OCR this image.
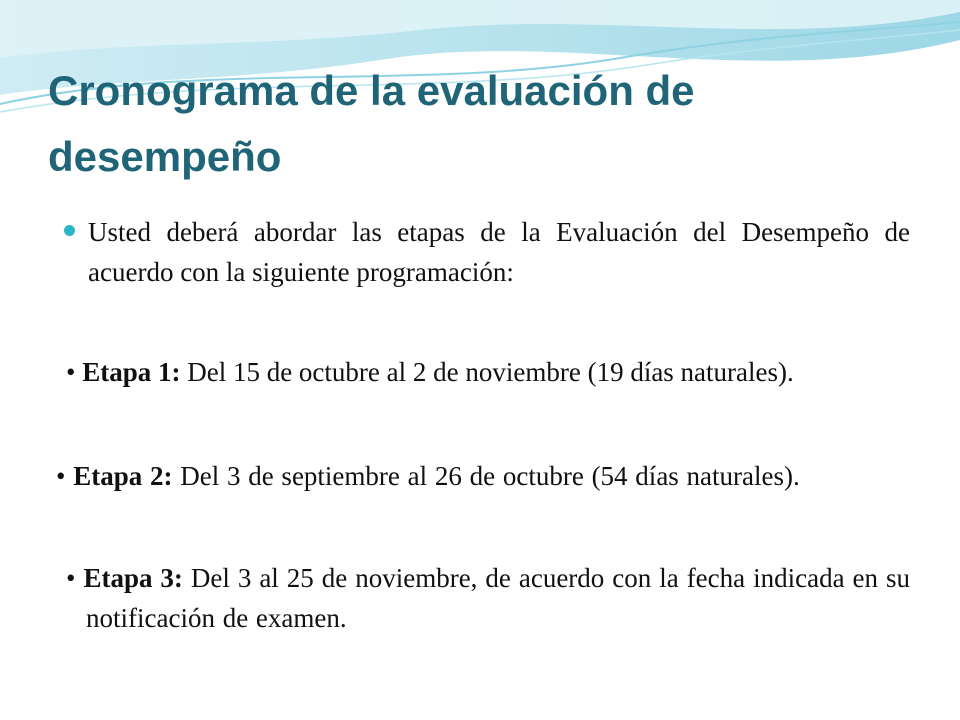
Cronograma de la evaluación de desempeño

Usted deberá abordar las etapas de la Evaluación del Desempeño de acuerdo con la siguiente programación:

• Etapa 1: Del 15 de octubre al 2 de noviembre (19 días naturales).

• Etapa 2: Del 3 de septiembre al 26 de octubre (54 días naturales).

• Etapa 3: Del 3 al 25 de noviembre, de acuerdo con la fecha indicada en su notificación de examen.
